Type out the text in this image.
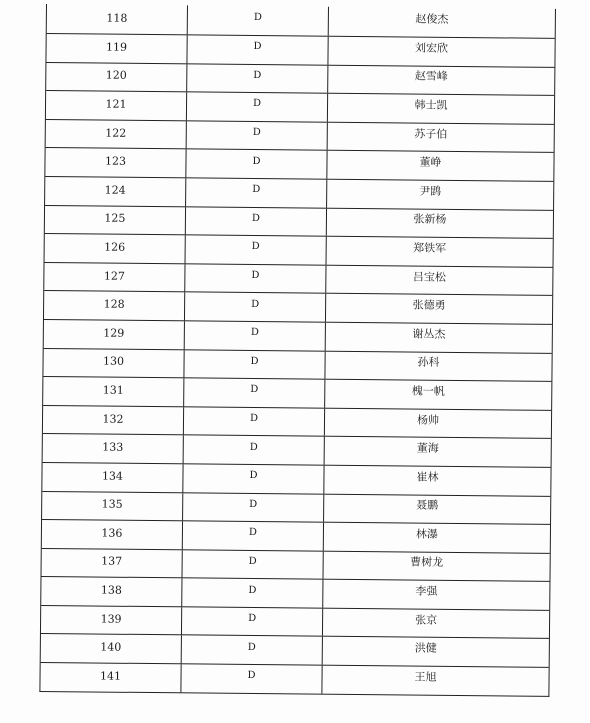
118	D	赵俊杰
119	D	刘宏欣
120	D	赵雪峰
121	D	韩士凯
122	D	苏子伯
123	D	董峥
124	D	尹鹍
125	D	张新杨
126	D	郑铁军
127	D	吕宝松
128	D	张德勇
129	D	谢丛杰
130	D	孙科
131	D	槐一帆
132	D	杨帅
133	D	董海
134	D	崔林
135	D	聂鹏
136	D	林瀑
137	D	曹树龙
138	D	李强
139	D	张京
140	D	洪健
141	D	王旭
